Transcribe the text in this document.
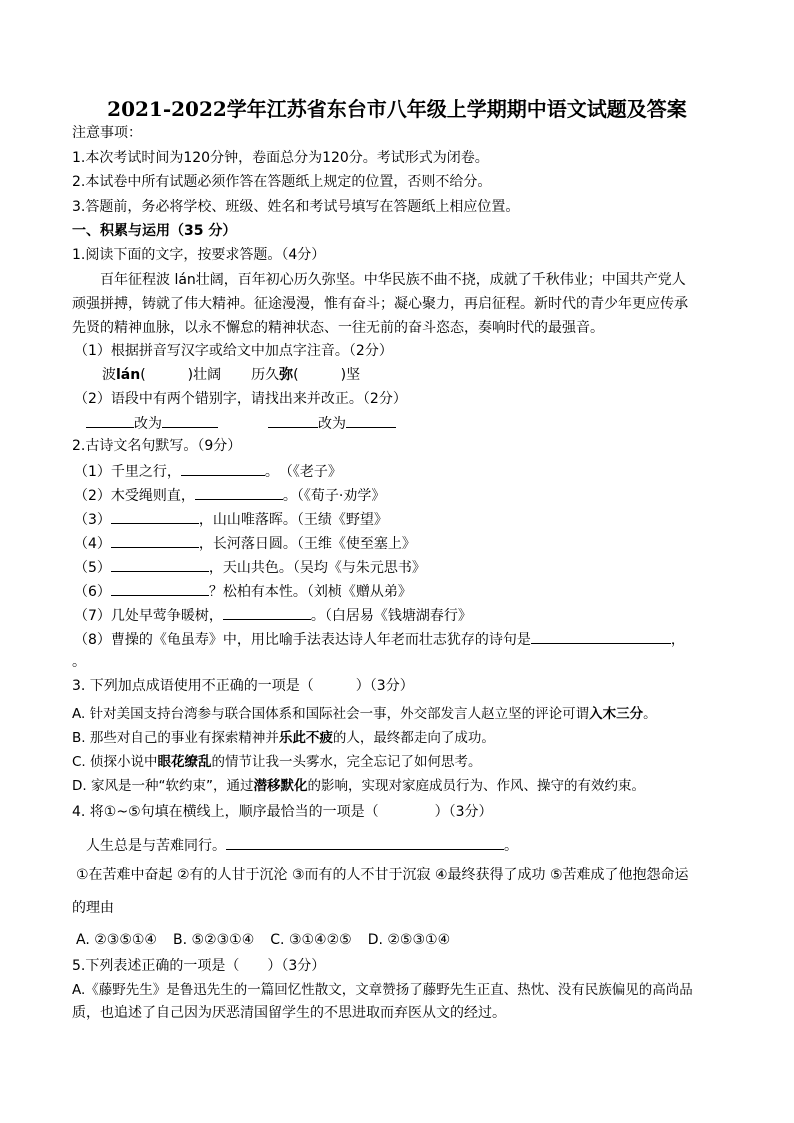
2021-2022学年江苏省东台市八年级上学期期中语文试题及答案
注意事项：
1.本次考试时间为120分钟，卷面总分为120分。考试形式为闭卷。
2.本试卷中所有试题必须作答在答题纸上规定的位置，否则不给分。
3.答题前，务必将学校、班级、姓名和考试号填写在答题纸上相应位置。
一、积累与运用（35 分）
1.阅读下面的文字，按要求答题。（4分）
百年征程波 lán壮阔，百年初心历久弥坚。中华民族不曲不挠，成就了千秋伟业；中国共产党人
顽强拼搏，铸就了伟大精神。征途漫漫，惟有奋斗；凝心聚力，再启征程。新时代的青少年更应传承
先贤的精神血脉，以永不懈怠的精神状态、一往无前的奋斗恣态，奏响时代的最强音。
（1）根据拼音写汉字或给文中加点字注音。（2分）
波lán(　　　)壮阔 历久弥(　　　)坚
（2）语段中有两个错别字，请找出来并改正。（2分）
改为	改为
2.古诗文名句默写。（9分）
（1）千里之行，	。　（《老子》
（2）木受绳则直，	。（《荀子·劝学》
（3）	，山山唯落晖。（王绩《野望》
（4）	，长河落日圆。（王维《使至塞上》
（5）	，天山共色。（吴均《与朱元思书》
（6）	？松柏有本性。（刘桢《赠从弟》
（7）几处早莺争暖树，	。（白居易《钱塘湖春行》
（8）曹操的《龟虽寿》中，用比喻手法表达诗人年老而壮志犹存的诗句是	，
。
3. 下列加点成语使用不正确的一项是（　　　）（3分）
A. 针对美国支持台湾参与联合国体系和国际社会一事，外交部发言人赵立坚的评论可谓入木三分。
B. 那些对自己的事业有探索精神并乐此不疲的人，最终都走向了成功。
C. 侦探小说中眼花缭乱的情节让我一头雾水，完全忘记了如何思考。
D. 家风是一种“软约束”，通过潜移默化的影响，实现对家庭成员行为、作风、操守的有效约束。
4. 将①~⑤句填在横线上，顺序最恰当的一项是（　　　　）（3分）
人生总是与苦难同行。	。
①在苦难中奋起 ②有的人甘于沉沦 ③而有的人不甘于沉寂 ④最终获得了成功 ⑤苦难成了他抱怨命运
的理由
A. ②③⑤①④ B. ⑤②③①④ C. ③①④②⑤ D. ②⑤③①④
5.下列表述正确的一项是（　　）（3分）
A.《藤野先生》是鲁迅先生的一篇回忆性散文，文章赞扬了藤野先生正直、热忱、没有民族偏见的高尚品
质，也追述了自己因为厌恶清国留学生的不思进取而弃医从文的经过。
